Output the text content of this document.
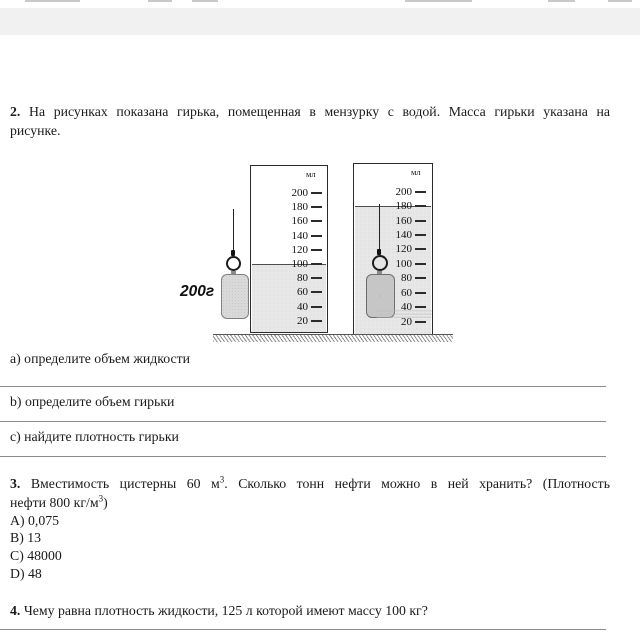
2. На рисунках показана гирька, помещенная в мензурку с водой. Масса гирьки указана на
рисунке.
200г
мл
200
180
160
140
120
100
80
60
40
20
мл
200
180
160
140
120
100
80
60
40
20
a) определите объем жидкости
b) определите объем гирьки
c) найдите плотность гирьки
3. Вместимость цистерны 60 $м^3$. Сколько тонн нефти можно в ней хранить? (Плотность
нефти 800 $кг/м^3$)
A) 0,075
B) 13
C) 48000
D) 48
4. Чему равна плотность жидкости, 125 л которой имеют массу 100 кг?
